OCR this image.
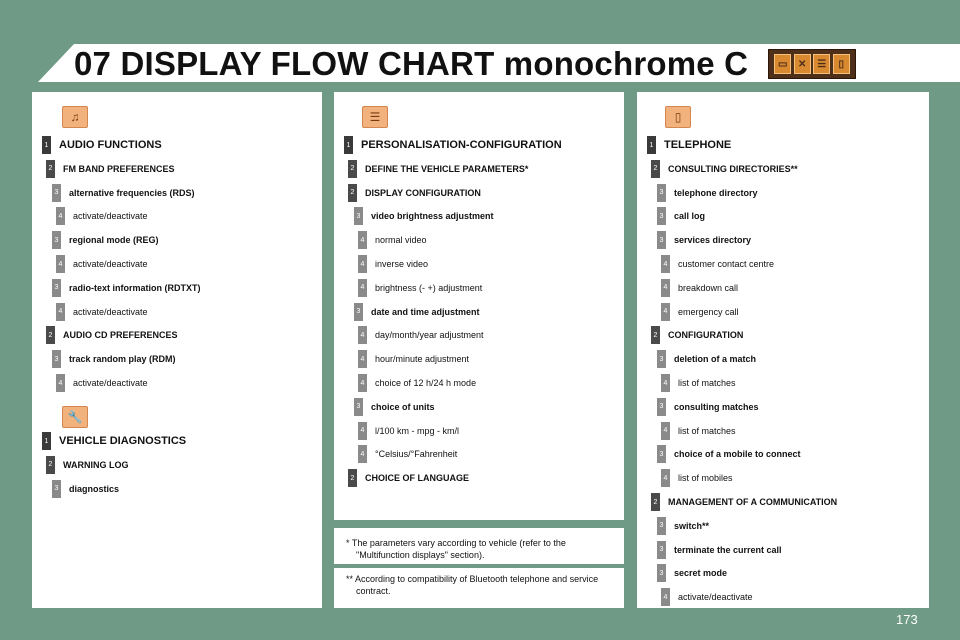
07 DISPLAY FLOW CHART monochrome C	▭	✕	☰	▯
♫
🔧
1 AUDIO FUNCTIONS
2 FM BAND PREFERENCES
3 alternative frequencies (RDS)
4 activate/deactivate
3 regional mode (REG)
4 activate/deactivate
3 radio-text information (RDTXT)
4 activate/deactivate
2 AUDIO CD PREFERENCES
3 track random play (RDM)
4 activate/deactivate
1 VEHICLE DIAGNOSTICS
2 WARNING LOG
3 diagnostics
☰
1 PERSONALISATION-CONFIGURATION
2 DEFINE THE VEHICLE PARAMETERS*
2 DISPLAY CONFIGURATION
3 video brightness adjustment
4 normal video
4 inverse video
4 brightness (- +) adjustment
3 date and time adjustment
4 day/month/year adjustment
4 hour/minute adjustment
4 choice of 12 h/24 h mode
3 choice of units
4 l/100 km - mpg - km/l
4 °Celsius/°Fahrenheit
2 CHOICE OF LANGUAGE
* The parameters vary according to vehicle (refer to the
"Multifunction displays" section).
** According to compatibility of Bluetooth telephone and service
contract.
▯
1 TELEPHONE
2 CONSULTING DIRECTORIES**
3 telephone directory
3 call log
3 services directory
4 customer contact centre
4 breakdown call
4 emergency call
2 CONFIGURATION
3 deletion of a match
4 list of matches
3 consulting matches
4 list of matches
3 choice of a mobile to connect
4 list of mobiles
2 MANAGEMENT OF A COMMUNICATION
3 switch**
3 terminate the current call
3 secret mode
4 activate/deactivate
173
